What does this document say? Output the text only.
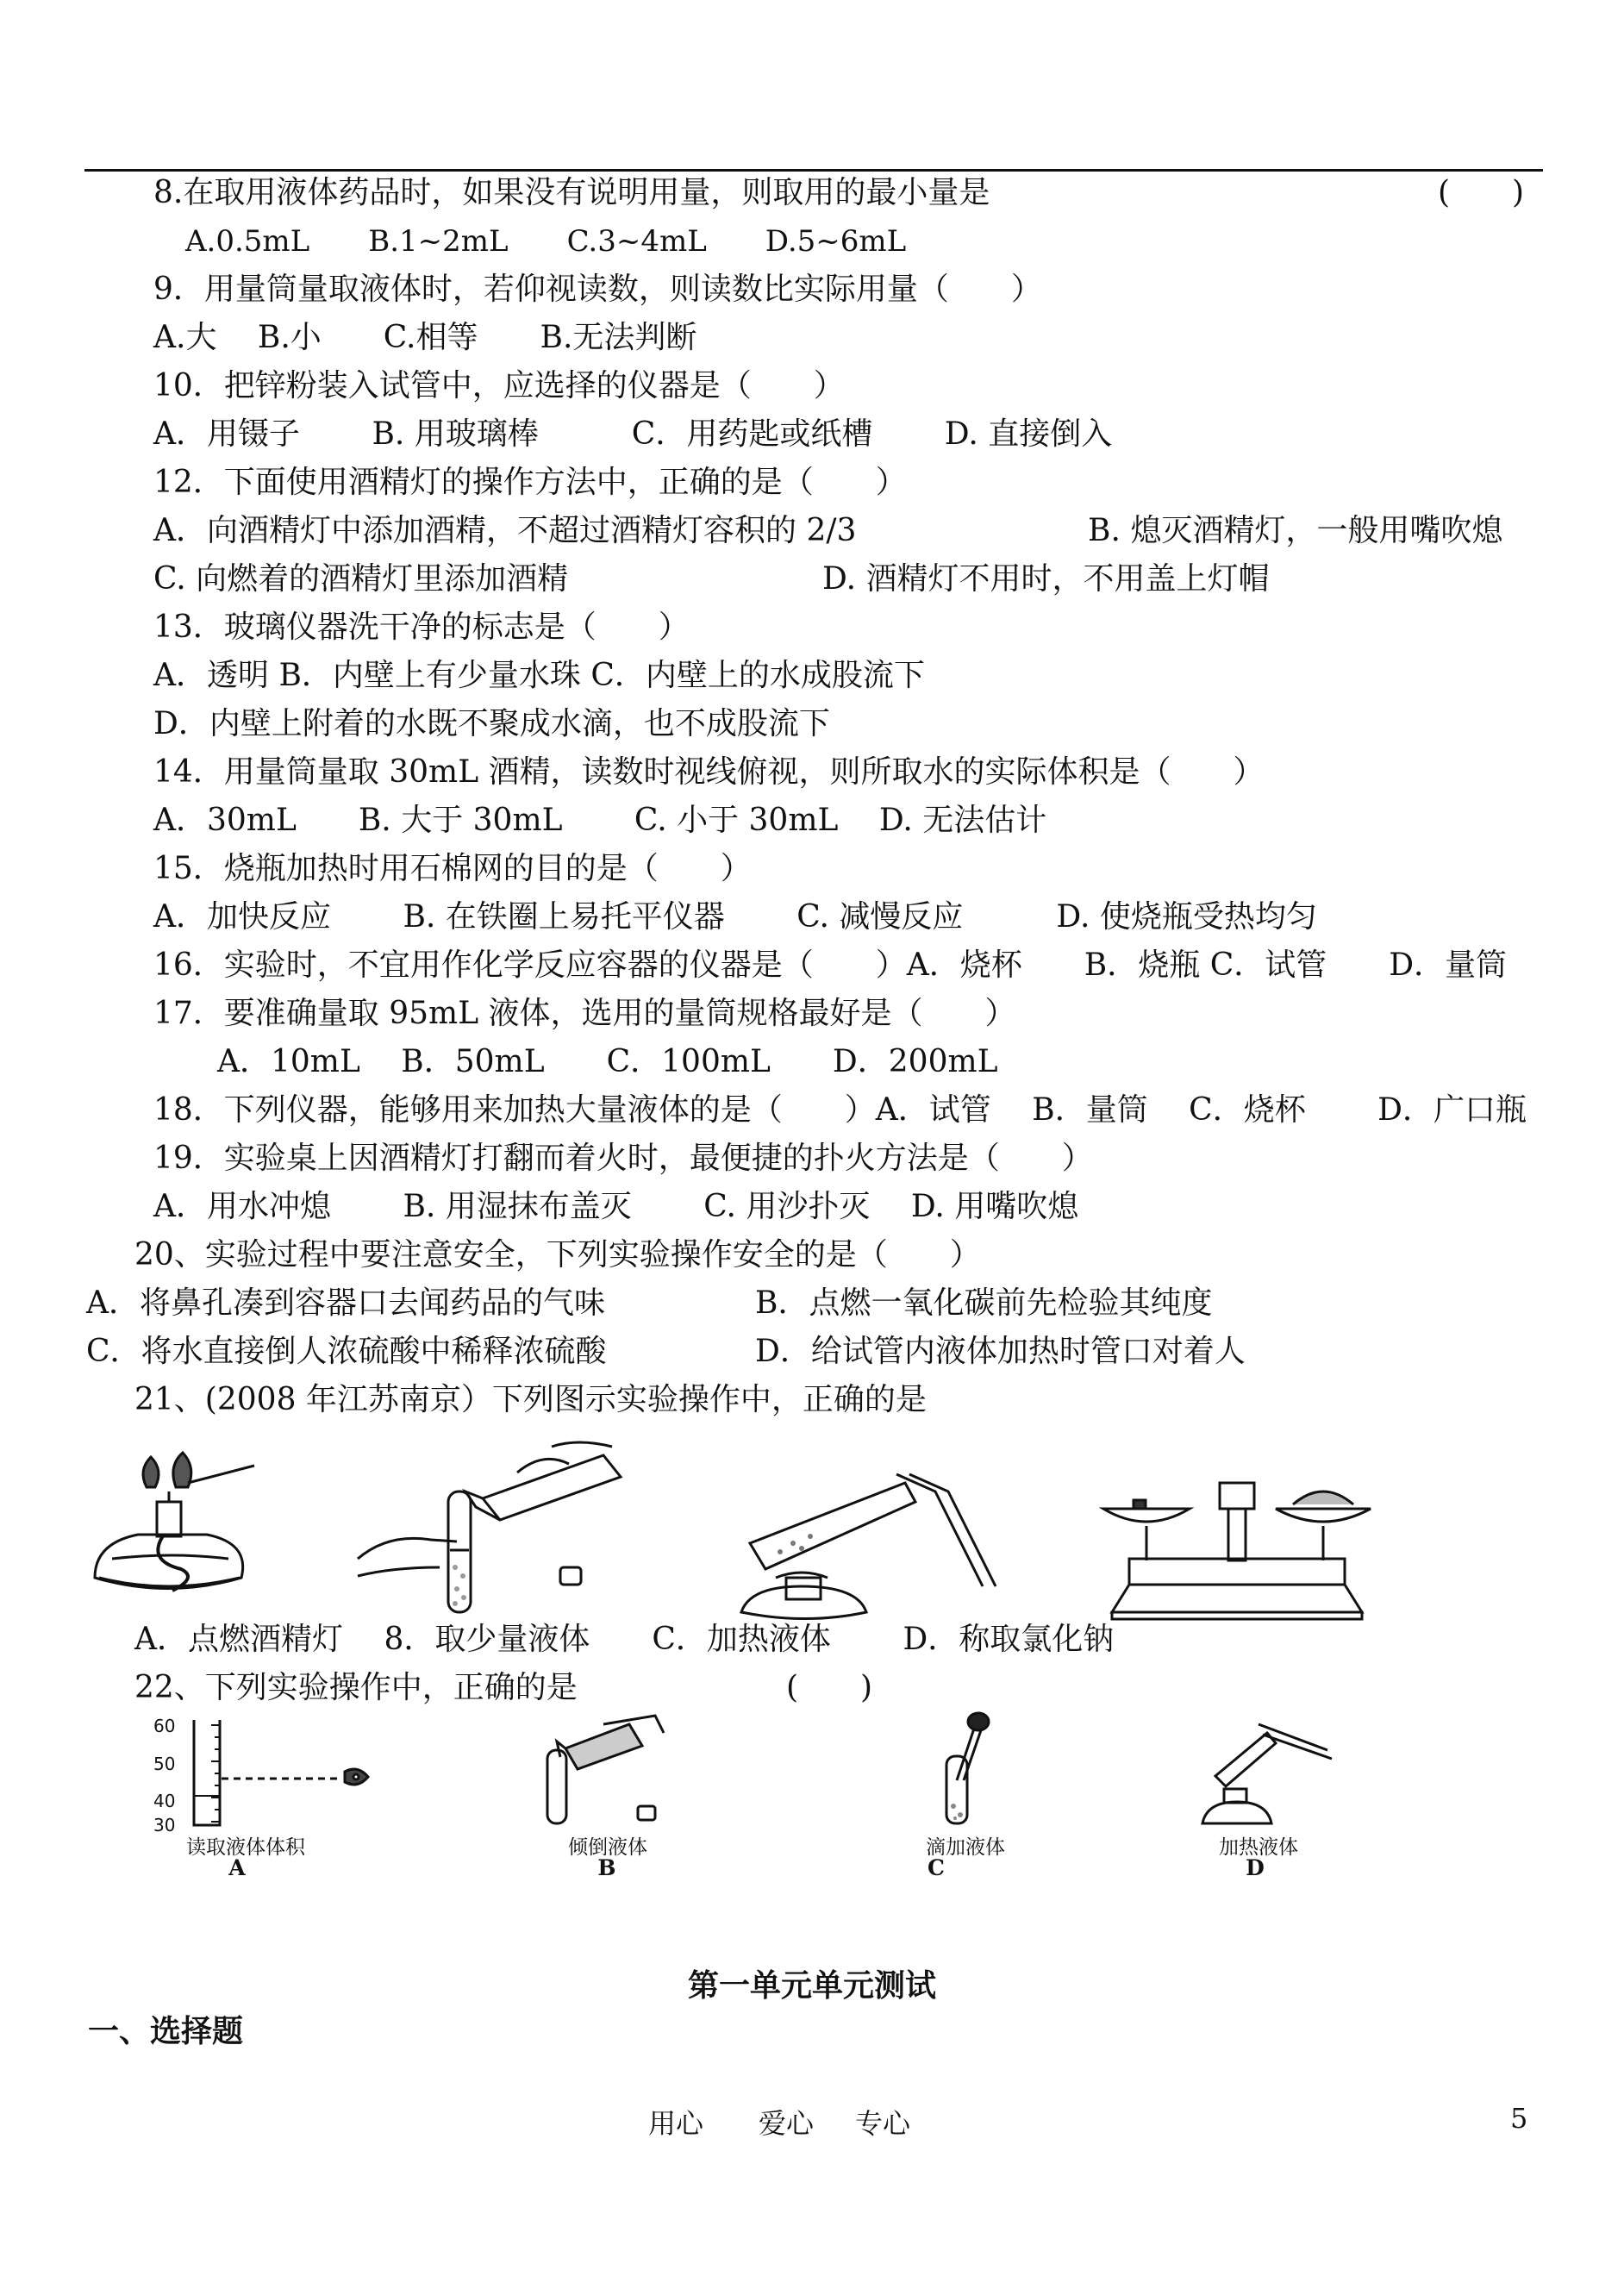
8.在取用液体药品时，如果没有说明用量，则取用的最小量是	(　　)
A.0.5mL　　B.1~2mL　　C.3~4mL　　D.5~6mL
9．用量筒量取液体时，若仰视读数，则读数比实际用量（　　）
A.大　 B.小　　C.相等　　B.无法判断
10．把锌粉装入试管中，应选择的仪器是（　　）
A．用镊子　　 B. 用玻璃棒　　　C．用药匙或纸槽　　 D. 直接倒入
12．下面使用酒精灯的操作方法中，正确的是（　　）
A．向酒精灯中添加酒精，不超过酒精灯容积的 2/3	B. 熄灭酒精灯，一般用嘴吹熄
C. 向燃着的酒精灯里添加酒精	D. 酒精灯不用时，不用盖上灯帽
13．玻璃仪器洗干净的标志是（　　）
A．透明 B．内壁上有少量水珠 C．内壁上的水成股流下
D．内壁上附着的水既不聚成水滴，也不成股流下
14．用量筒量取 30mL 酒精，读数时视线俯视，则所取水的实际体积是（　　）
A．30mL　　B. 大于 30mL　　 C. 小于 30mL　 D. 无法估计
15．烧瓶加热时用石棉网的目的是（　　）
A．加快反应　　 B. 在铁圈上易托平仪器　　 C. 减慢反应　　　D. 使烧瓶受热均匀
16．实验时，不宜用作化学反应容器的仪器是（　　）A．烧杯　　B．烧瓶 C．试管　　D．量筒
17．要准确量取 95mL 液体，选用的量筒规格最好是（　　）
A．10mL　 B．50mL　　C．100mL　　D．200mL
18．下列仪器，能够用来加热大量液体的是（　　）A．试管　 B．量筒　 C．烧杯　　 D．广口瓶
19．实验桌上因酒精灯打翻而着火时，最便捷的扑火方法是（　　）
A．用水冲熄　　 B. 用湿抹布盖灭　　 C. 用沙扑灭　 D. 用嘴吹熄
20、实验过程中要注意安全，下列实验操作安全的是（　　）
A．将鼻孔凑到容器口去闻药品的气味	B．点燃一氧化碳前先检验其纯度
C．将水直接倒人浓硫酸中稀释浓硫酸	D．给试管内液体加热时管口对着人
21、(2008 年江苏南京）下列图示实验操作中，正确的是
A．点燃酒精灯　 8．取少量液体　　C．加热液体　　 D．称取氯化钠
22、下列实验操作中，正确的是	(　　)
60
50
40
30
读取液体体积	倾倒液体	滴加液体	加热液体
A	B	C	D
第一单元单元测试
一、选择题
用心 爱心 专心	5
